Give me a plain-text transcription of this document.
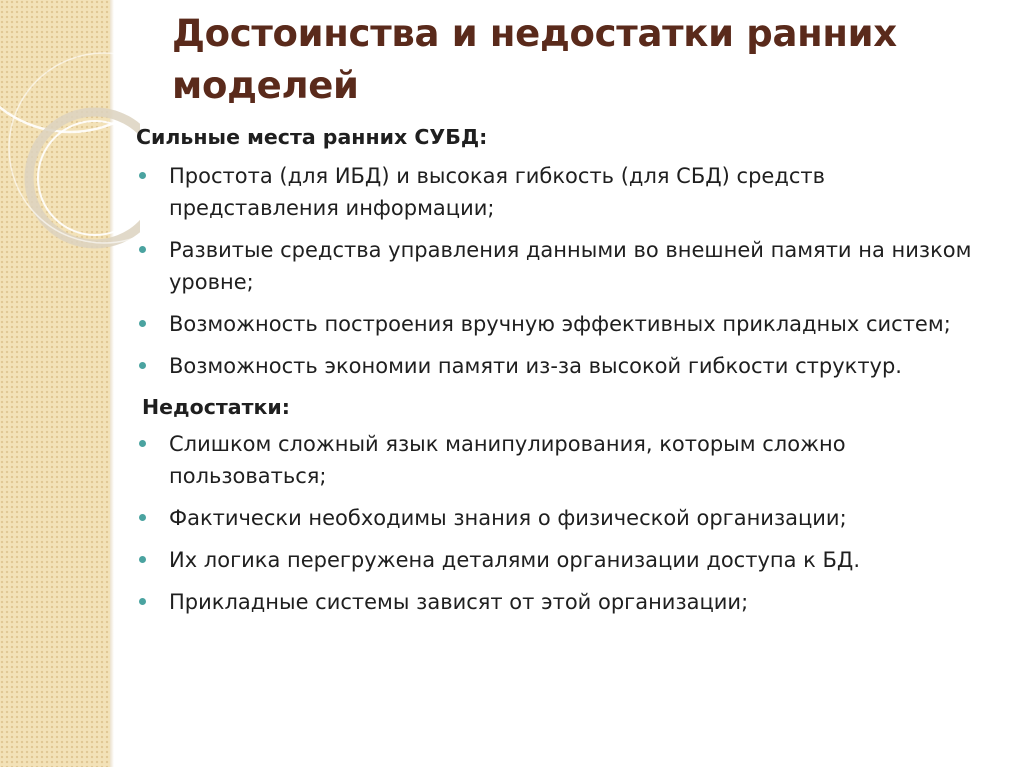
Достоинства и недостатки ранних моделей
Сильные места ранних СУБД:
Простота (для ИБД) и высокая гибкость (для СБД) средств представления информации;
Развитые средства управления данными во внешней памяти на низком уровне;
Возможность построения вручную эффективных прикладных систем;
Возможность экономии памяти из-за высокой гибкости структур.
Недостатки:
Слишком сложный язык манипулирования, которым сложно пользоваться;
Фактически необходимы знания о физической организации;
Их логика перегружена деталями организации доступа к БД.
Прикладные системы зависят от этой организации;
